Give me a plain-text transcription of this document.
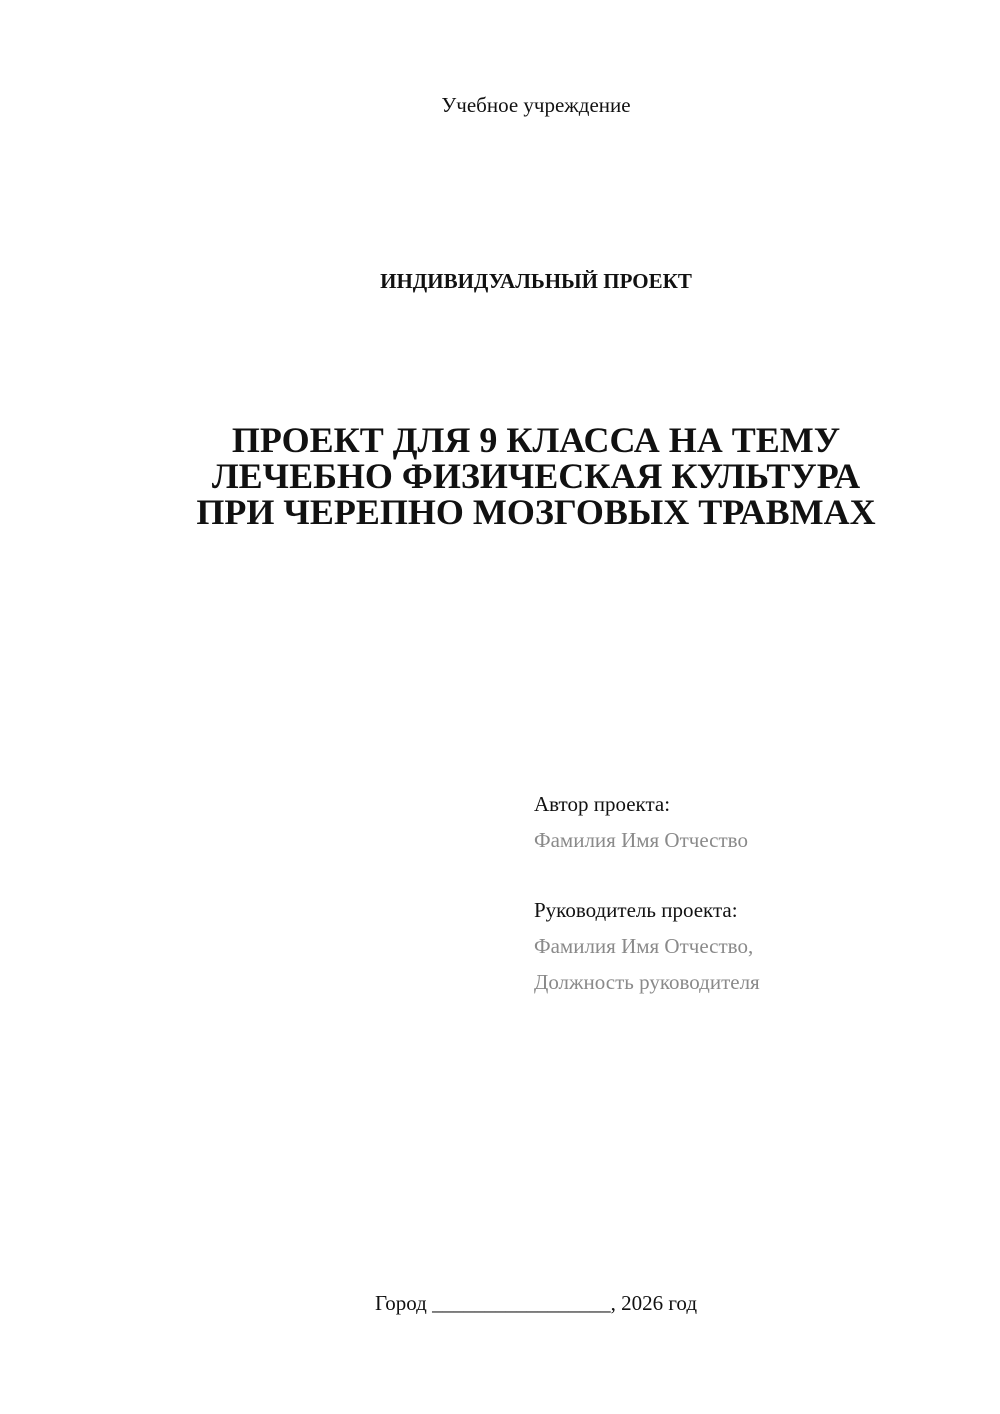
Учебное учреждение
ИНДИВИДУАЛЬНЫЙ ПРОЕКТ
ПРОЕКТ ДЛЯ 9 КЛАССА НА ТЕМУ
ЛЕЧЕБНО ФИЗИЧЕСКАЯ КУЛЬТУРА
ПРИ ЧЕРЕПНО МОЗГОВЫХ ТРАВМАХ
Автор проекта:
Фамилия Имя Отчество
Руководитель проекта:
Фамилия Имя Отчество,
Должность руководителя
Город _________________, 2026 год
